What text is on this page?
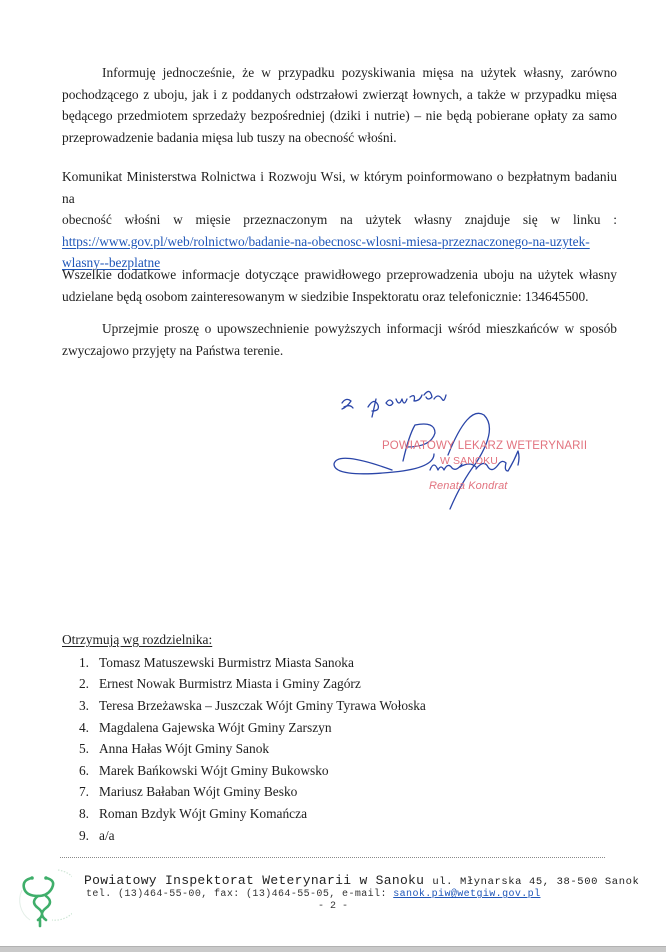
Informuję jednocześnie, że w przypadku pozyskiwania mięsa na użytek własny, zarówno pochodzącego z uboju, jak i z poddanych odstrzałowi zwierząt łownych, a także w przypadku mięsa będącego przedmiotem sprzedaży bezpośredniej (dziki i nutrie) – nie będą pobierane opłaty za samo przeprowadzenie badania mięsa lub tuszy na obecność włośni.
Komunikat Ministerstwa Rolnictwa i Rozwoju Wsi, w którym poinformowano o bezpłatnym badaniu na
obecność włośni w mięsie przeznaczonym na użytek własny znajduje się w linku :
https://www.gov.pl/web/rolnictwo/badanie-na-obecnosc-wlosni-miesa-przeznaczonego-na-uzytek-wlasny--bezplatne
Wszelkie dodatkowe informacje dotyczące prawidłowego przeprowadzenia uboju na użytek własny udzielane będą osobom zainteresowanym w siedzibie Inspektoratu oraz telefonicznie: 134645500.
Uprzejmie proszę o upowszechnienie powyższych informacji wśród mieszkańców w sposób zwyczajowo przyjęty na Państwa terenie.
POWIATOWY LEKARZ WETERYNARII
W SANOKU
Renata Kondrat
Otrzymują wg rozdzielnika:
1. Tomasz Matuszewski Burmistrz Miasta Sanoka
2. Ernest Nowak Burmistrz Miasta i Gminy Zagórz
3. Teresa Brzeżawska – Juszczak Wójt Gminy Tyrawa Wołoska
4. Magdalena Gajewska Wójt Gminy Zarszyn
5. Anna Hałas Wójt Gminy Sanok
6. Marek Bańkowski Wójt Gminy Bukowsko
7. Mariusz Bałaban Wójt Gminy Besko
8. Roman Bzdyk Wójt Gminy Komańcza
9. a/a
Powiatowy Inspektorat Weterynarii w Sanoku ul. Młynarska 45, 38-500 Sanok
tel. (13)464-55-00, fax: (13)464-55-05, e-mail: sanok.piw@wetgiw.gov.pl
- 2 -
